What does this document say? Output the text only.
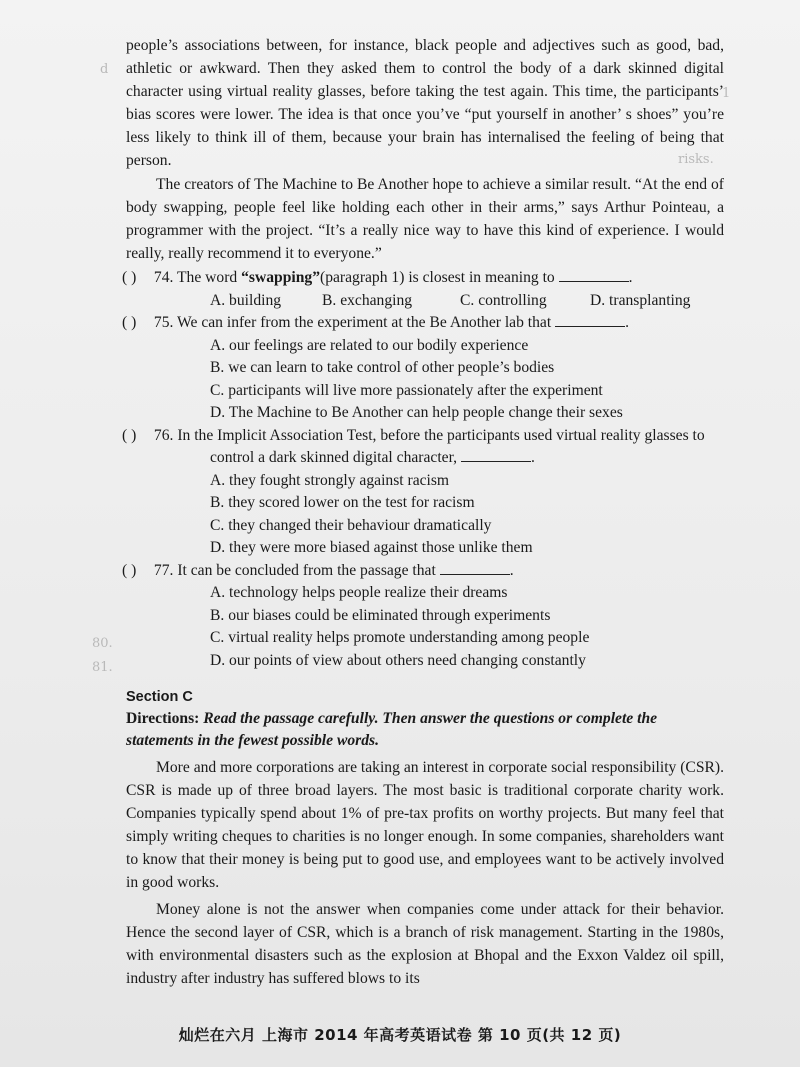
d
1
risks.
80.
81.

people’s associations between, for instance, black people and adjectives such as good, bad, athletic or awkward. Then they asked them to control the body of a dark skinned digital character using virtual reality glasses, before taking the test again. This time, the participants’ bias scores were lower. The idea is that once you’ve “put yourself in another’ s shoes” you’re less likely to think ill of them, because your brain has internalised the feeling of being that person.

The creators of The Machine to Be Another hope to achieve a similar result. “At the end of body swapping, people feel like holding each other in their arms,” says Arthur Pointeau, a programmer with the project. “It’s a really nice way to have this kind of experience. I would really, really recommend it to everyone.”

( ) 74. The word “swapping”(paragraph 1) is closest in meaning to	.
A. building	B. exchanging	C. controlling	D. transplanting
( ) 75. We can infer from the experiment at the Be Another lab that	.
A. our feelings are related to our bodily experience
B. we can learn to take control of other people’s bodies
C. participants will live more passionately after the experiment
D. The Machine to Be Another can help people change their sexes
( ) 76. In the Implicit Association Test, before the participants used virtual reality glasses to control a dark skinned digital character,	.
A. they fought strongly against racism
B. they scored lower on the test for racism
C. they changed their behaviour dramatically
D. they were more biased against those unlike them
( ) 77. It can be concluded from the passage that	.
A. technology helps people realize their dreams
B. our biases could be eliminated through experiments
C. virtual reality helps promote understanding among people
D. our points of view about others need changing constantly
Section C

Directions: Read the passage carefully. Then answer the questions or complete the statements in the fewest possible words.

More and more corporations are taking an interest in corporate social responsibility (CSR). CSR is made up of three broad layers. The most basic is traditional corporate charity work. Companies typically spend about 1% of pre-tax profits on worthy projects. But many feel that simply writing cheques to charities is no longer enough. In some companies, shareholders want to know that their money is being put to good use, and employees want to be actively involved in good works.

Money alone is not the answer when companies come under attack for their behavior. Hence the second layer of CSR, which is a branch of risk management. Starting in the 1980s, with environmental disasters such as the explosion at Bhopal and the Exxon Valdez oil spill, industry after industry has suffered blows to its

灿烂在六月 上海市 2014 年高考英语试卷 第 10 页(共 12 页)
